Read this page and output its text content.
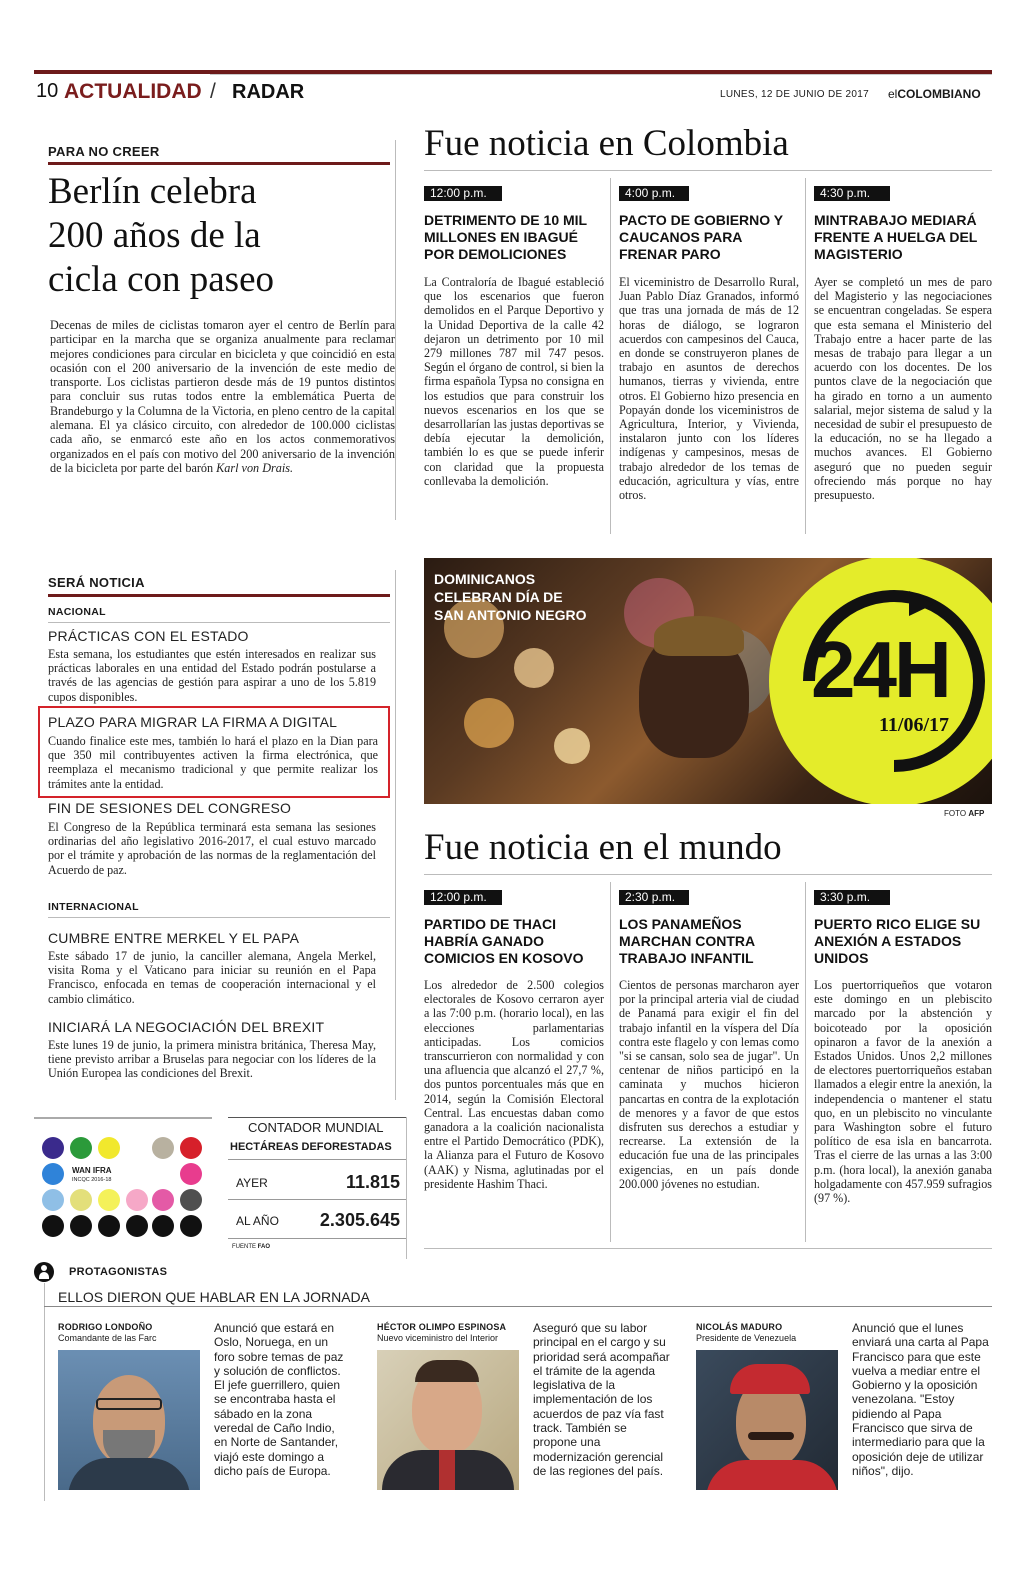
10 ACTUALIDAD / RADAR	LUNES, 12 DE JUNIO DE 2017 elCOLOMBIANO
PARA NO CREER
Berlín celebra
200 años de la
cicla con paseo
Decenas de miles de ciclistas tomaron ayer el centro de Berlín para participar en la marcha que se organiza anualmente para reclamar mejores condiciones para circular en bicicleta y que coincidió en esta ocasión con el 200 aniversario de la invención de este medio de transporte. Los ciclistas partieron desde más de 19 puntos distintos para concluir sus rutas todos entre la emblemática Puerta de Brandeburgo y la Columna de la Victoria, en pleno centro de la capital alemana. El ya clásico circuito, con alrededor de 100.000 ciclistas cada año, se enmarcó este año en los actos conmemorativos organizados en el país con motivo del 200 aniversario de la invención de la bicicleta por parte del barón Karl von Drais.
Fue noticia en Colombia
12:00 p.m.
DETRIMENTO DE 10 MIL MILLONES EN IBAGUÉ POR DEMOLICIONES
La Contraloría de Ibagué estableció que los escenarios que fueron demolidos en el Parque Deportivo y la Unidad Deportiva de la calle 42 dejaron un detrimento por 10 mil 279 millones 787 mil 747 pesos. Según el órgano de control, si bien la firma española Typsa no consigna en los estudios que para construir los nuevos escenarios en los que se desarrollarían las justas deportivas se debía ejecutar la demolición, también lo es que se puede inferir con claridad que la propuesta conllevaba la demolición.
4:00 p.m.
PACTO DE GOBIERNO Y CAUCANOS PARA FRENAR PARO
El viceministro de Desarrollo Rural, Juan Pablo Díaz Granados, informó que tras una jornada de más de 12 horas de diálogo, se lograron acuerdos con campesinos del Cauca, en donde se construyeron planes de trabajo en asuntos de derechos humanos, tierras y vivienda, entre otros. El Gobierno hizo presencia en Popayán donde los viceministros de Agricultura, Interior, y Vivienda, instalaron junto con los líderes indígenas y campesinos, mesas de trabajo alrededor de los temas de educación, agricultura y vías, entre otros.
4:30 p.m.
MINTRABAJO MEDIARÁ FRENTE A HUELGA DEL MAGISTERIO
Ayer se completó un mes de paro del Magisterio y las negociaciones se encuentran congeladas. Se espera que esta semana el Ministerio del Trabajo entre a hacer parte de las mesas de trabajo para llegar a un acuerdo con los docentes. De los puntos clave de la negociación que ha girado en torno a un aumento salarial, mejor sistema de salud y la necesidad de subir el presupuesto de la educación, no se ha llegado a muchos avances. El Gobierno aseguró que no pueden seguir ofreciendo más porque no hay presupuesto.
SERÁ NOTICIA
NACIONAL
PRÁCTICAS CON EL ESTADO
Esta semana, los estudiantes que estén interesados en realizar sus prácticas laborales en una entidad del Estado podrán postularse a través de las agencias de gestión para aspirar a uno de los 5.819 cupos disponibles.
PLAZO PARA MIGRAR LA FIRMA A DIGITAL
Cuando finalice este mes, también lo hará el plazo en la Dian para que 350 mil contribuyentes activen la firma electrónica, que reemplaza el mecanismo tradicional y que permite realizar los trámites ante la entidad.
FIN DE SESIONES DEL CONGRESO
El Congreso de la República terminará esta semana las sesiones ordinarias del año legislativo 2016-2017, el cual estuvo marcado por el trámite y aprobación de las normas de la reglamentación del Acuerdo de paz.
INTERNACIONAL
CUMBRE ENTRE MERKEL Y EL PAPA
Este sábado 17 de junio, la canciller alemana, Angela Merkel, visita Roma y el Vaticano para iniciar su reunión en el Papa Francisco, enfocada en temas de cooperación internacional y el cambio climático.
INICIARÁ LA NEGOCIACIÓN DEL BREXIT
Este lunes 19 de junio, la primera ministra británica, Theresa May, tiene previsto arribar a Bruselas para negociar con los líderes de la Unión Europea las condiciones del Brexit.
DOMINICANOS
CELEBRAN DÍA DE
SAN ANTONIO NEGRO
24H
11/06/17
FOTO AFP
Fue noticia en el mundo
12:00 p.m.
PARTIDO DE THACI HABRÍA GANADO COMICIOS EN KOSOVO
Los alrededor de 2.500 colegios electorales de Kosovo cerraron ayer a las 7:00 p.m. (horario local), en las elecciones parlamentarias anticipadas. Los comicios transcurrieron con normalidad y con una afluencia que alcanzó el 27,7 %, dos puntos porcentuales más que en 2014, según la Comisión Electoral Central. Las encuestas daban como ganadora a la coalición nacionalista entre el Partido Democrático (PDK), la Alianza para el Futuro de Kosovo (AAK) y Nisma, aglutinadas por el presidente Hashim Thaci.
2:30 p.m.
LOS PANAMEÑOS MARCHAN CONTRA TRABAJO INFANTIL
Cientos de personas marcharon ayer por la principal arteria vial de ciudad de Panamá para exigir el fin del trabajo infantil en la víspera del Día contra este flagelo y con lemas como "si se cansan, solo sea de jugar". Un centenar de niños participó en la caminata y muchos hicieron pancartas en contra de la explotación de menores y a favor de que estos disfruten sus derechos a estudiar y recrearse. La extensión de la educación fue una de las principales exigencias, en un país donde 200.000 jóvenes no estudian.
3:30 p.m.
PUERTO RICO ELIGE SU ANEXIÓN A ESTADOS UNIDOS
Los puertorriqueños que votaron este domingo en un plebiscito marcado por la abstención y boicoteado por la oposición opinaron a favor de la anexión a Estados Unidos. Unos 2,2 millones de electores puertorriqueños estaban llamados a elegir entre la anexión, la independencia o mantener el statu quo, en un plebiscito no vinculante para Washington sobre el futuro político de esa isla en bancarrota. Tras el cierre de las urnas a las 3:00 p.m. (hora local), la anexión ganaba holgadamente con 457.959 sufragios (97 %).
WAN IFRA
INCQC 2016-18
CONTADOR MUNDIAL
HECTÁREAS DEFORESTADAS
AYER	11.815
AL AÑO 2.305.645
FUENTE FAO
PROTAGONISTAS
ELLOS DIERON QUE HABLAR EN LA JORNADA
RODRIGO LONDOÑO
Comandante de las Farc
Anunció que estará en Oslo, Noruega, en un foro sobre temas de paz y solución de conflictos. El jefe guerrillero, quien se encontraba hasta el sábado en la zona veredal de Caño Indio, en Norte de Santander, viajó este domingo a dicho país de Europa.
HÉCTOR OLIMPO ESPINOSA
Nuevo viceministro del Interior
Aseguró que su labor principal en el cargo y su prioridad será acompañar el trámite de la agenda legislativa de la implementación de los acuerdos de paz vía fast track. También se propone una modernización gerencial de las regiones del país.
NICOLÁS MADURO
Presidente de Venezuela
Anunció que el lunes enviará una carta al Papa Francisco para que este vuelva a mediar entre el Gobierno y la oposición venezolana. "Estoy pidiendo al Papa Francisco que sirva de intermediario para que la oposición deje de utilizar niños", dijo.
